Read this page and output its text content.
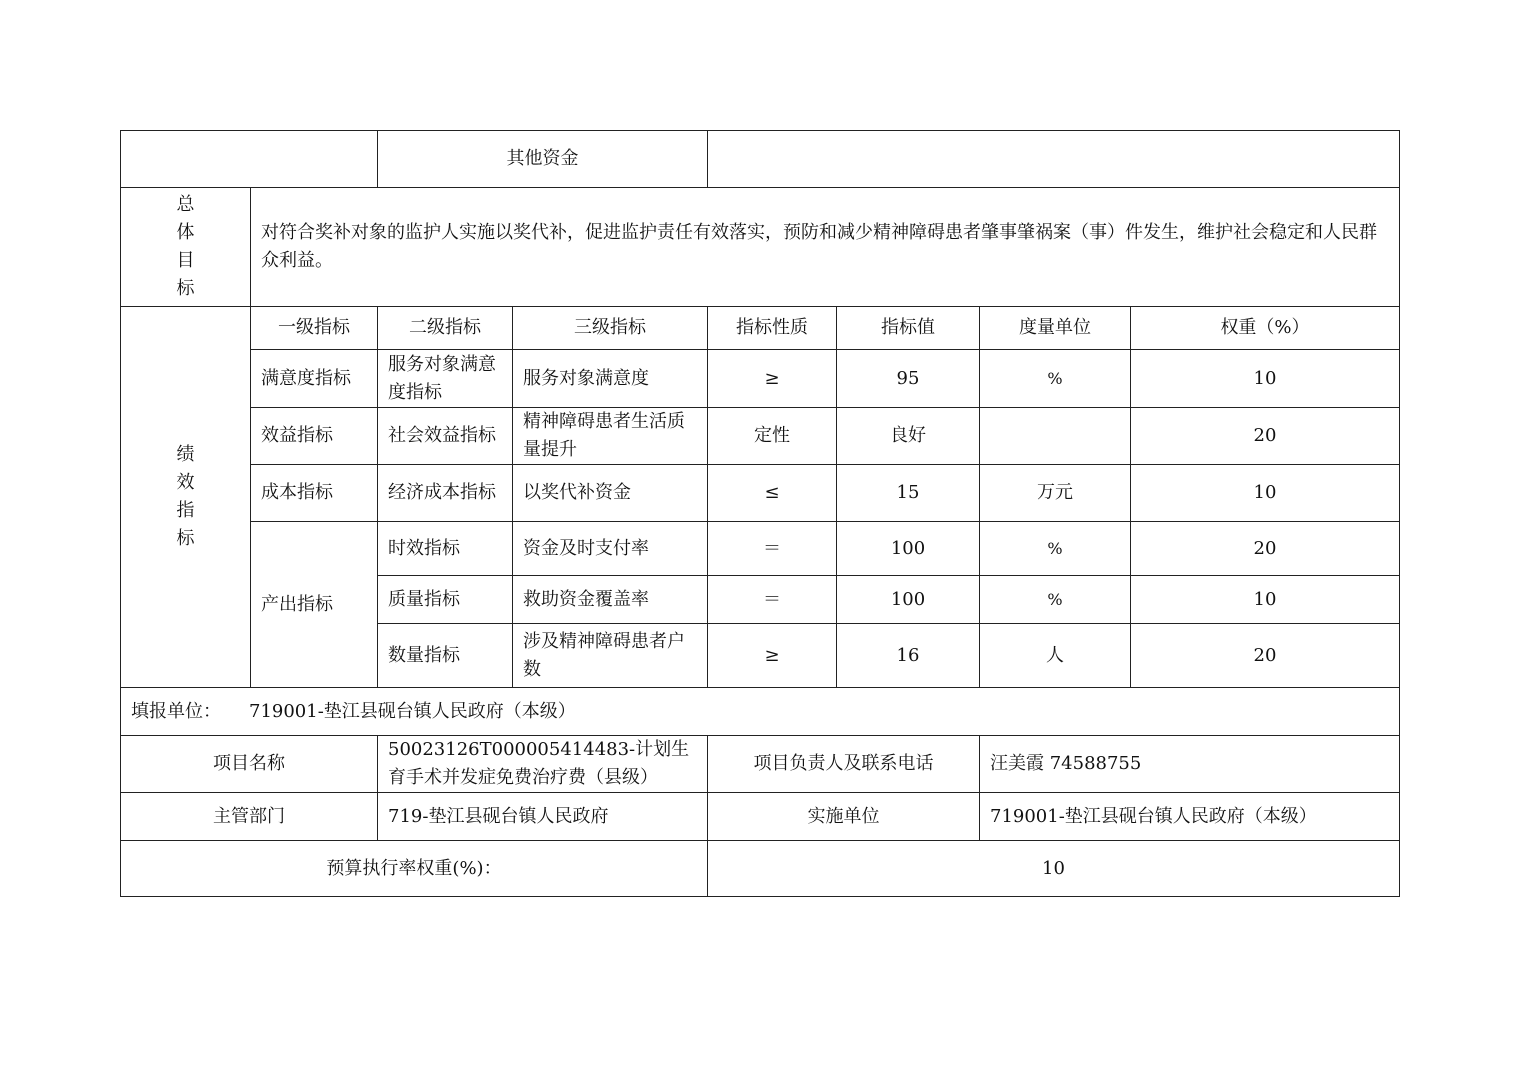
		其他资金					

总
体
目
标	对符合奖补对象的监护人实施以奖代补，促进监护责任有效落实，预防和减少精神障碍患者肇事肇祸案（事）件发生，维护社会稳定和人民群众利益。						

绩
效
指
标	一级指标	二级指标	三级指标	指标性质	指标值	度量单位	权重（%）
	满意度指标	服务对象满意度指标	服务对象满意度	≥	95	%	10
	效益指标	社会效益指标	精神障碍患者生活质量提升	定性	良好		20
	成本指标	经济成本指标	以奖代补资金	≤	15	万元	10
	产出指标	时效指标	资金及时支付率	＝	100	%	20
		质量指标	救助资金覆盖率	＝	100	%	10
		数量指标	涉及精神障碍患者户数	≥	16	人	20
填报单位： 719001-垫江县砚台镇人民政府（本级）							
项目名称		50023126T000005414483-计划生育手术并发症免费治疗费（县级）		项目负责人及联系电话		汪美霞 74588755	
主管部门		719-垫江县砚台镇人民政府		实施单位		719001-垫江县砚台镇人民政府（本级）	
预算执行率权重(%)：				10			
